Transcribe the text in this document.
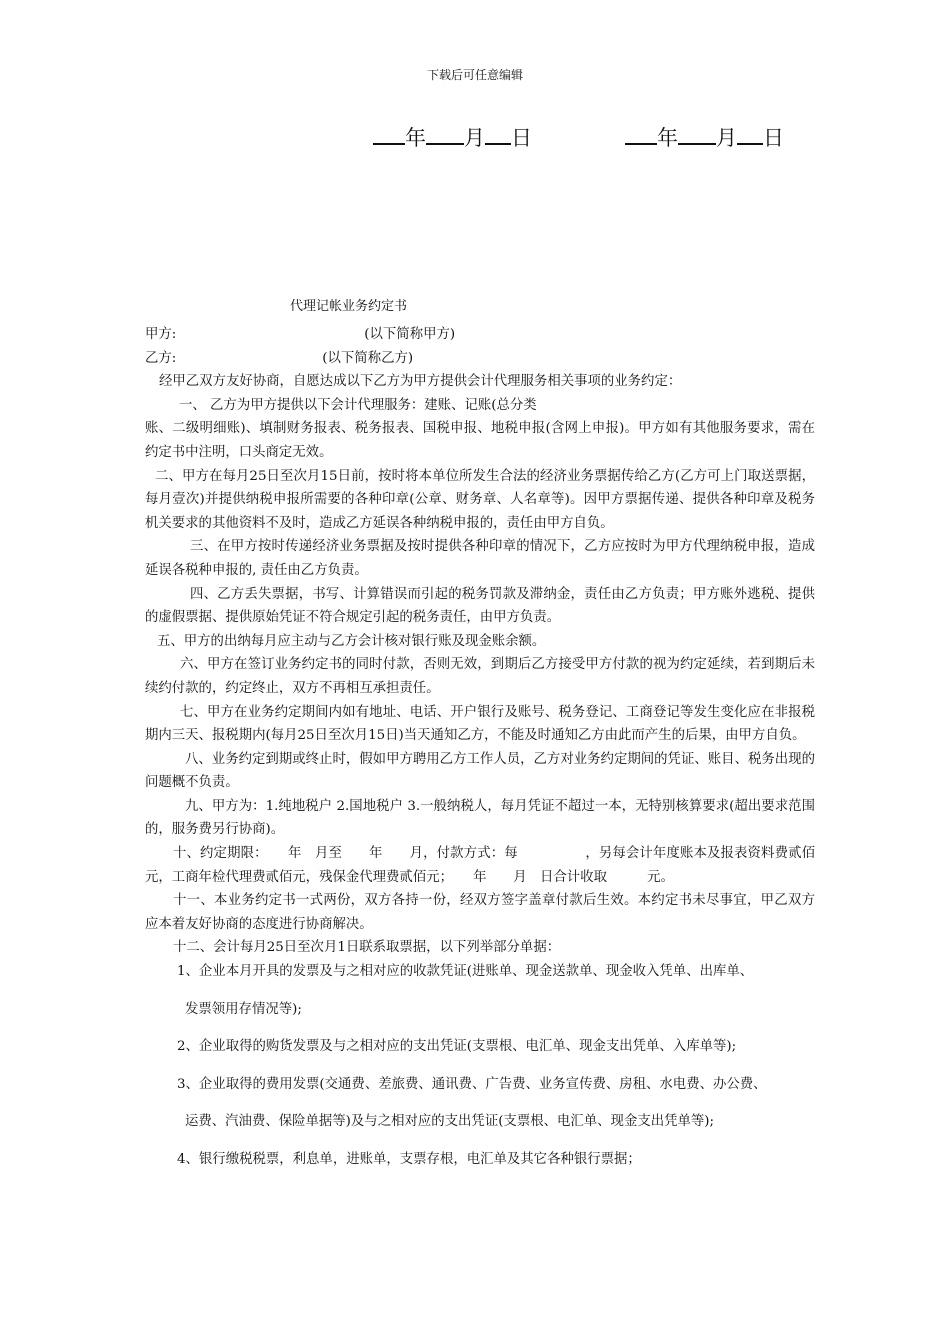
下载后可任意编辑
年 月 日	年 月 日
代理记帐业务约定书

甲方:	(以下简称甲方)

乙方:	(以下简称乙方)

经甲乙双方友好协商，自愿达成以下乙方为甲方提供会计代理服务相关事项的业务约定：

一、 乙方为甲方提供以下会计代理服务：建账、记账(总分类

账、二级明细账)、填制财务报表、税务报表、国税申报、地税申报(含网上申报)。甲方如有其他服务要求，需在约定书中注明，口头商定无效。

二、甲方在每月25日至次月15日前，按时将本单位所发生合法的经济业务票据传给乙方(乙方可上门取送票据，每月壹次)并提供纳税申报所需要的各种印章(公章、财务章、人名章等)。因甲方票据传递、提供各种印章及税务机关要求的其他资料不及时，造成乙方延误各种纳税申报的，责任由甲方自负。

三、在甲方按时传递经济业务票据及按时提供各种印章的情况下，乙方应按时为甲方代理纳税申报，造成延误各税种申报的, 责任由乙方负责。

四、乙方丢失票据，书写、计算错误而引起的税务罚款及滞纳金，责任由乙方负责；甲方账外逃税、提供的虚假票据、提供原始凭证不符合规定引起的税务责任，由甲方负责。

五、甲方的出纳每月应主动与乙方会计核对银行账及现金账余额。

六、甲方在签订业务约定书的同时付款，否则无效，到期后乙方接受甲方付款的视为约定延续，若到期后未续约付款的，约定终止，双方不再相互承担责任。

七、甲方在业务约定期间内如有地址、电话、开户银行及账号、税务登记、工商登记等发生变化应在非报税期内三天、报税期内(每月25日至次月15日)当天通知乙方，不能及时通知乙方由此而产生的后果，由甲方自负。

八、业务约定到期或终止时，假如甲方聘用乙方工作人员，乙方对业务约定期间的凭证、账目、税务出现的问题概不负责。

九、甲方为：1.纯地税户 2.国地税户 3.一般纳税人，每月凭证不超过一本，无特别核算要求(超出要求范围的，服务费另行协商)。

十、约定期限：　　年　月至　　年　　月，付款方式：每　　　　　，另每会计年度账本及报表资料费贰佰元，工商年检代理费贰佰元，残保金代理费贰佰元；　　年　　月　日合计收取　　　元。

十一、本业务约定书一式两份，双方各持一份，经双方签字盖章付款后生效。本约定书未尽事宜，甲乙双方应本着友好协商的态度进行协商解决。

十二、会计每月25日至次月1日联系取票据，以下列举部分单据：

1、企业本月开具的发票及与之相对应的收款凭证(进账单、现金送款单、现金收入凭单、出库单、

发票领用存情况等);

2、企业取得的购货发票及与之相对应的支出凭证(支票根、电汇单、现金支出凭单、入库单等);

3、企业取得的费用发票(交通费、差旅费、通讯费、广告费、业务宣传费、房租、水电费、办公费、

运费、汽油费、保险单据等)及与之相对应的支出凭证(支票根、电汇单、现金支出凭单等);

4、银行缴税税票，利息单，进账单，支票存根，电汇单及其它各种银行票据；
